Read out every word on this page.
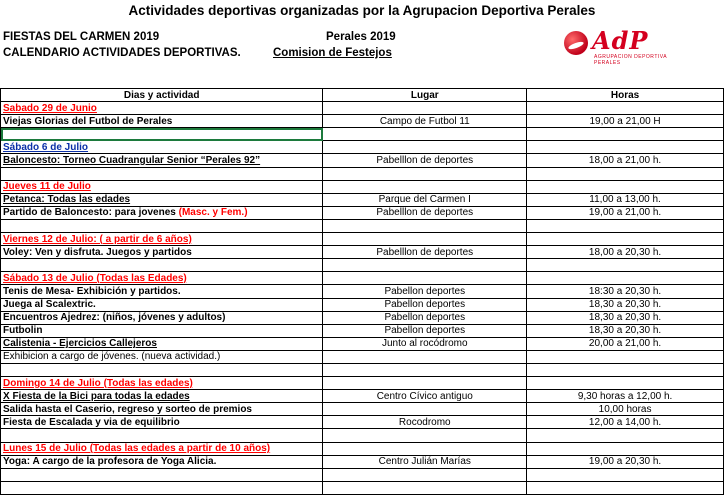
Actividades deportivas organizadas por la Agrupacion Deportiva Perales
FIESTAS DEL CARMEN 2019	Perales 2019
CALENDARIO ACTIVIDADES DEPORTIVAS.	Comision de Festejos	AdP
AGRUPACION DEPORTIVA PERALES
Dias y actividad	Lugar	Horas
Sabado 29 de Junio		
Viejas Glorias del Futbol de Perales	Campo de Futbol 11	19,00 a 21,00 H

Sábado 6 de Julio		
Baloncesto: Torneo Cuadrangular Senior “Perales 92”	Pabelllon de deportes	18,00 a 21,00 h.

Jueves 11 de Julio		
Petanca: Todas las edades	Parque del Carmen I	11,00 a 13,00 h.
Partido de Baloncesto: para jovenes (Masc. y Fem.)	Pabelllon de deportes	19,00 a 21,00 h.

Viernes 12 de Julio: ( a partir de 6 años)		
Voley: Ven y disfruta. Juegos y partidos	Pabelllon de deportes	18,00 a 20,30 h.

Sábado 13 de Julio (Todas las Edades)		
Tenis de Mesa- Exhibición y partidos.	Pabellon deportes	18:30 a 20,30 h.
Juega al Scalextric.	Pabellon deportes	18,30 a 20,30 h.
Encuentros Ajedrez: (niños, jóvenes y adultos)	Pabellon deportes	18,30 a 20,30 h.
Futbolin	Pabellon deportes	18,30 a 20,30 h.
Calistenia - Ejercicios Callejeros	Junto al rocódromo	20,00 a 21,00 h.
Exhibicion a cargo de jóvenes. (nueva actividad.)		

Domingo 14 de Julio (Todas las edades)		
X Fiesta de la Bici para todas la edades	Centro Cívico antiguo	9,30 horas a 12,00 h.
Salida hasta el Caserio, regreso y sorteo de premios		10,00 horas
Fiesta de Escalada y via de equilibrio	Rocodromo	12,00 a 14,00 h.

Lunes 15 de Julio (Todas las edades a partir de 10 años)		
Yoga: A cargo de la profesora de Yoga Alicia.	Centro Julián Marías	19,00 a 20,30 h.
